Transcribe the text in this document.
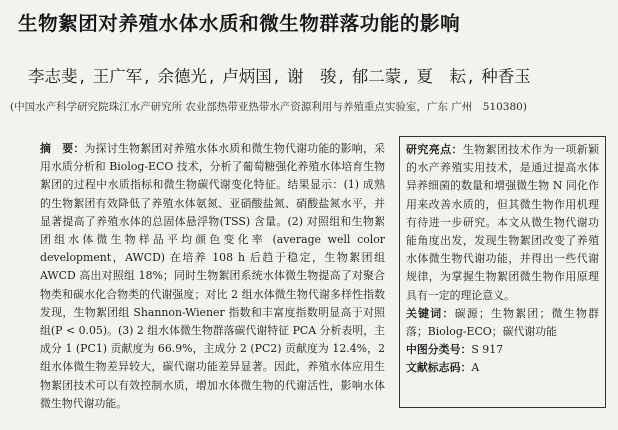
生物絮团对养殖水体水质和微生物群落功能的影响
李志斐 , 王广军 , 余德光 , 卢炳国 , 谢　骏 , 郁二蒙 , 夏　耘 , 种香玉
(中国水产科学研究院珠江水产研究所 农业部热带亚热带水产资源利用与养殖重点实验室，广东 广州　510380)
摘　要：为探讨生物絮团对养殖水体水质和微生物代谢功能的影响，采用水质分析和 Biolog-ECO 技术，分析了葡萄糖强化养殖水体培育生物絮团的过程中水质指标和微生物碳代谢变化特征。结果显示：(1) 成熟的生物絮团有效降低了养殖水体氨氮、亚硝酸盐氮、硝酸盐氮水平，并显著提高了养殖水体的总固体悬浮物(TSS) 含量。(2) 对照组和生物絮团组水体微生物样品平均颜色变化率 (average well color development，AWCD) 在培养 108 h 后趋于稳定，生物絮团组 AWCD 高出对照组 18%；同时生物絮团系统水体微生物提高了对聚合物类和碳水化合物类的代谢强度；对比 2 组水体微生物代谢多样性指数发现，生物絮团组 Shannon-Wiener 指数和丰富度指数明显高于对照组(P < 0.05)。(3) 2 组水体微生物群落碳代谢特征 PCA 分析表明，主成分 1 (PC1) 贡献度为 66.9%，主成分 2 (PC2) 贡献度为 12.4%，2 组水体微生物差异较大，碳代谢功能差异显著。因此，养殖水体应用生物絮团技术可以有效控制水质，增加水体微生物的代谢活性，影响水体微生物代谢功能。
研究亮点：生物絮团技术作为一项新颖的水产养殖实用技术，是通过提高水体异养细菌的数量和增强微生物 N 同化作用来改善水质的，但其微生物作用机理有待进一步研究。本文从微生物代谢功能角度出发，发现生物絮团改变了养殖水体微生物代谢功能，并得出一些代谢规律，为掌握生物絮团微生物作用原理具有一定的理论意义。
关键词：碳源；生物絮团；微生物群落；Biolog-ECO；碳代谢功能
中图分类号：S 917
文献标志码：A
